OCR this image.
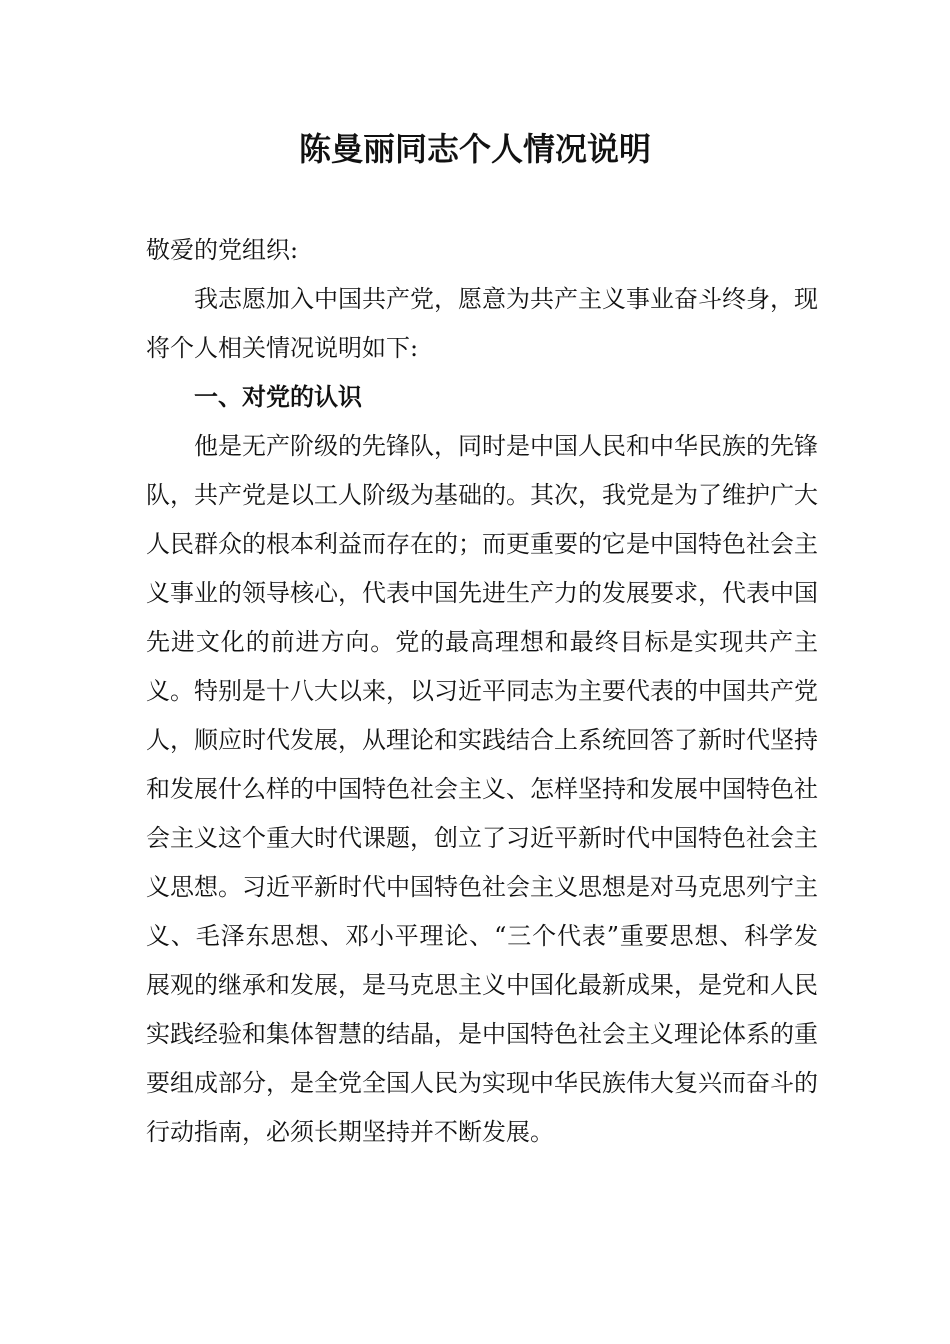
陈曼丽同志个人情况说明

敬爱的党组织:

我志愿加入中国共产党，愿意为共产主义事业奋斗终身，现将个人相关情况说明如下:

一、对党的认识

他是无产阶级的先锋队，同时是中国人民和中华民族的先锋队，共产党是以工人阶级为基础的。其次，我党是为了维护广大人民群众的根本利益而存在的；而更重要的它是中国特色社会主义事业的领导核心，代表中国先进生产力的发展要求，代表中国先进文化的前进方向。党的最高理想和最终目标是实现共产主义。特别是十八大以来，以习近平同志为主要代表的中国共产党人，顺应时代发展，从理论和实践结合上系统回答了新时代坚持和发展什么样的中国特色社会主义、怎样坚持和发展中国特色社会主义这个重大时代课题，创立了习近平新时代中国特色社会主义思想。习近平新时代中国特色社会主义思想是对马克思列宁主义、毛泽东思想、邓小平理论、“三个代表”重要思想、科学发展观的继承和发展，是马克思主义中国化最新成果，是党和人民实践经验和集体智慧的结晶，是中国特色社会主义理论体系的重要组成部分，是全党全国人民为实现中华民族伟大复兴而奋斗的行动指南，必须长期坚持并不断发展。
